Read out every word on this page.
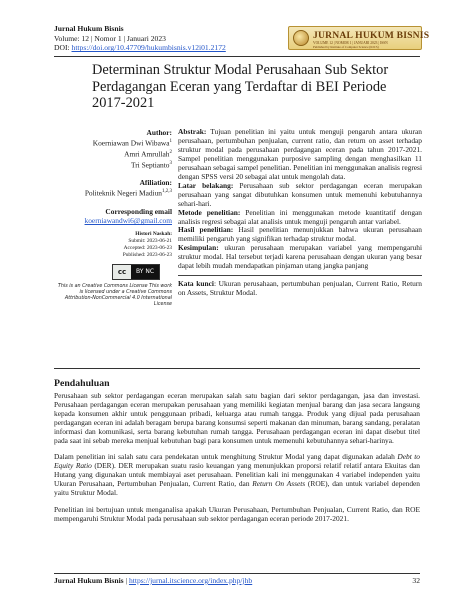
Jurnal Hukum Bisnis
Volume: 12 | Nomor 1 | Januari 2023
DOI: https://doi.org/10.47709/hukumbisnis.v12i01.2172
JURNAL HUKUM BISNIS
VOLUME 12 | NOMOR 1 | JANUARI 2023 | ISSN
Published by Institute of Computer Science (IOCS)
Determinan Struktur Modal Perusahaan Sub Sektor Perdagangan Eceran yang Terdaftar di BEI Periode 2017-2021
Author:
Koerniawan Dwi Wibawa$^1$
Amri Amrullah$^2$
Tri Septianto$^3$
Afiliation:
Politeknik Negeri Madiun$^{1,2,3}$
Corresponding email
koerniawandwi6@gmail.com
Histori Naskah:
Submit: 2023-06-21
Accepted: 2023-06-23
Published: 2023-06-23
cc	BY NC
This is an Creative Commons License This work is licensed under a Creative Commons Attribution-NonCommercial 4.0 International License

Abstrak: Tujuan penelitian ini yaitu untuk menguji pengaruh antara ukuran perusahaan, pertumbuhan penjualan, current ratio, dan return on asset terhadap struktur modal pada perusahaan perdagangan eceran pada tahun 2017-2021. Sampel penelitian menggunakan purposive sampling dengan menghasilkan 11 perusahaan sebagai sampel penelitian. Penelitian ini menggunakan analisis regresi dengan SPSS versi 20 sebagai alat untuk mengolah data.

Latar belakang: Perusahaan sub sektor perdagangan eceran merupakan perusahaan yang sangat dibutuhkan konsumen untuk memenuhi kebutuhannya sehari-hari.

Metode penelitian: Penelitian ini menggunakan metode kuantitatif dengan analisis regresi sebagai alat analisis untuk menguji pengaruh antar variabel.

Hasil penelitian: Hasil penelitian menunjukkan bahwa ukuran perusahaan memiliki pengaruh yang signifikan terhadap struktur modal.

Kesimpulan: ukuran perusahaan merupakan variabel yang mempengaruhi struktur modal. Hal tersebut terjadi karena perusahaan dengan ukuran yang besar dapat lebih mudah mendapatkan pinjaman utang jangka panjang

Kata kunci: Ukuran perusahaan, pertumbuhan penjualan, Current Ratio, Return on Assets, Struktur Modal.

Pendahuluan

Perusahaan sub sektor perdagangan eceran merupakan salah satu bagian dari sektor perdagangan, jasa dan investasi. Perusahaan perdagangan eceran merupakan perusahaan yang memiliki kegiatan menjual barang dan jasa secara langsung kepada konsumen akhir untuk penggunaan pribadi, keluarga atau rumah tangga. Produk yang dijual pada perusahaan perdagangan eceran ini adalah beragam berupa barang konsumsi seperti makanan dan minuman, barang sandang, peralatan informasi dan komunikasi, serta barang kebutuhan rumah tangga. Perusahaan perdagangan eceran ini dapat disebut titel pada saat ini sebab mereka menjual kebutuhan bagi para konsumen untuk memenuhi kebutuhannya sehari-harinya.

Dalam penelitian ini salah satu cara pendekatan untuk menghitung Struktur Modal yang dapat digunakan adalah Debt to Equity Ratio (DER). DER merupakan suatu rasio keuangan yang menunjukkan proporsi relatif relatif antara Ekuitas dan Hutang yang digunakan untuk membiayai aset perusahaan. Penelitian kali ini menggunakan 4 variabel independen yaitu Ukuran Perusahaan, Pertumbuhan Penjualan, Current Ratio, dan Return On Assets (ROE), dan untuk variabel dependen yaitu Struktur Modal.

Penelitian ini bertujuan untuk menganalisa apakah Ukuran Perusahaan, Pertumbuhan Penjualan, Current Ratio, dan ROE mempengaruhi Struktur Modal pada perusahaan sub sektor perdagangan eceran periode 2017-2021.

Jurnal Hukum Bisnis | https://jurnal.itscience.org/index.php/jhb	32
